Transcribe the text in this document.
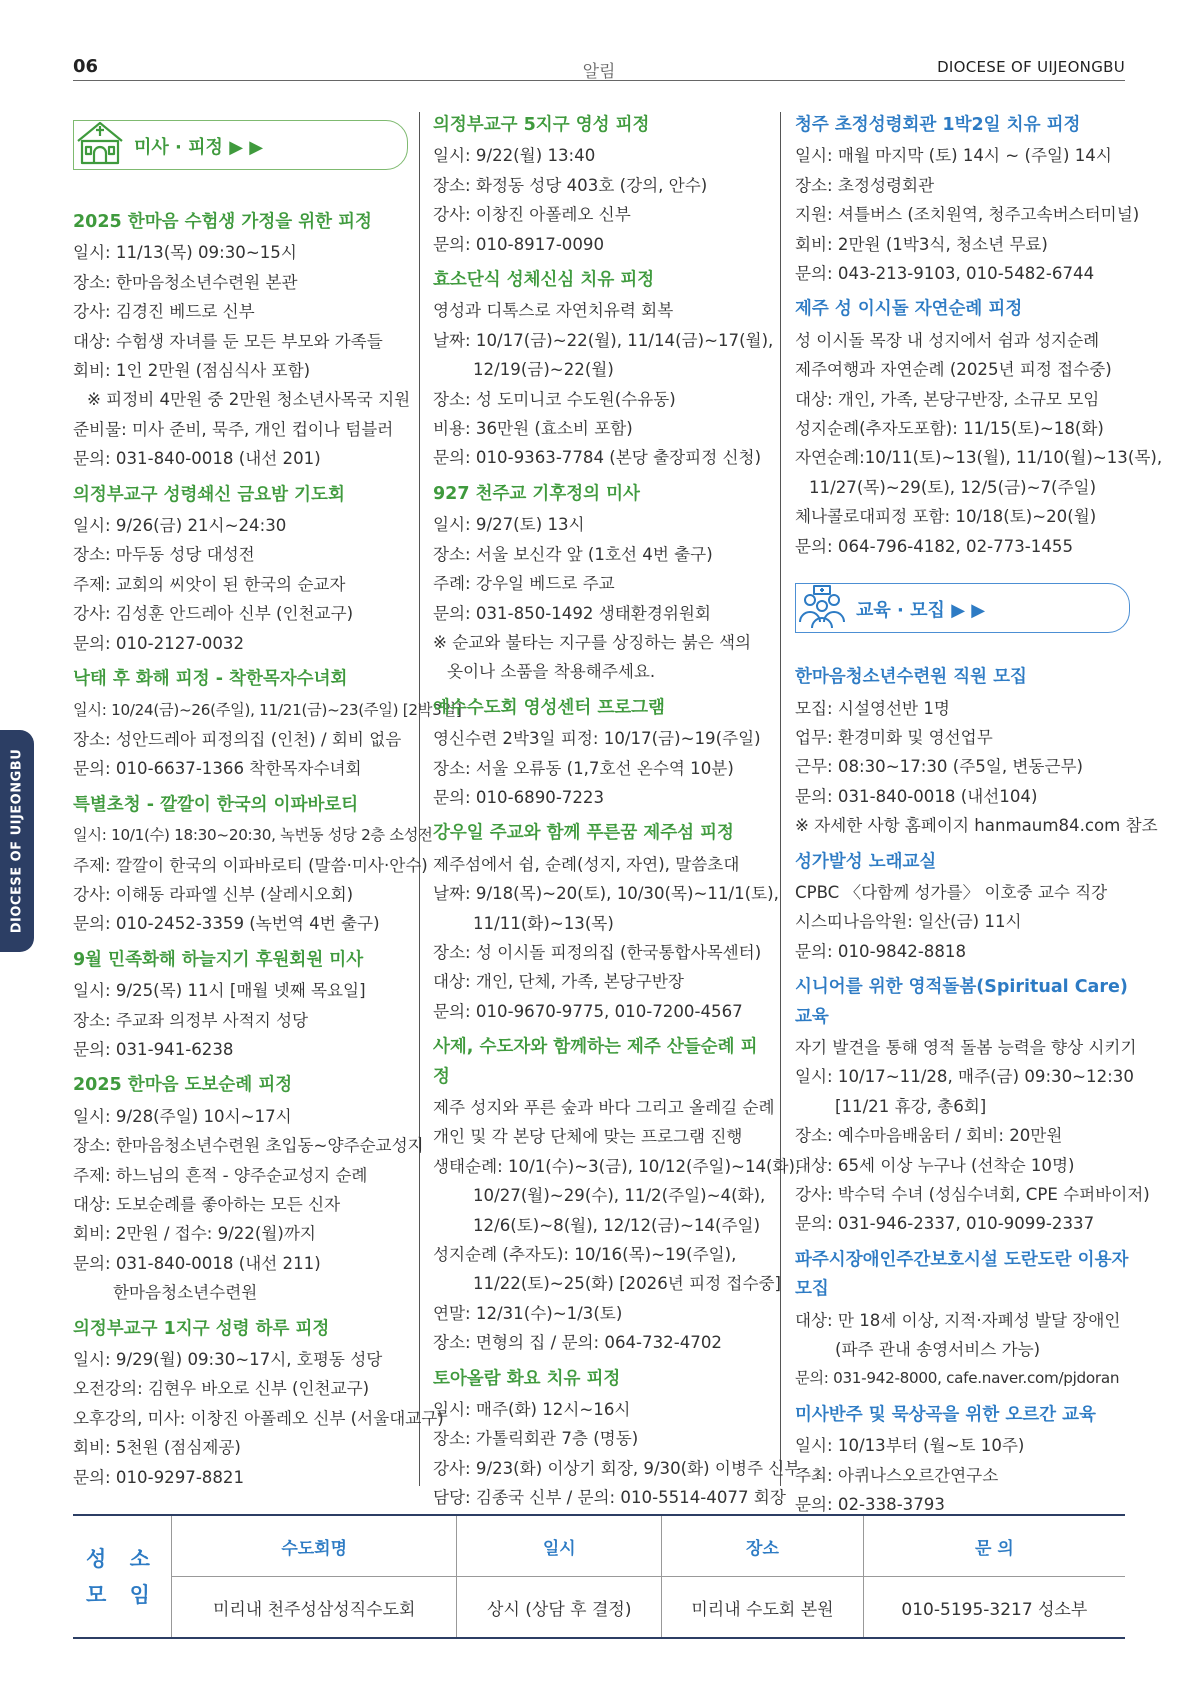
06	알림	DIOCESE OF UIJEONGBU
DIOCESE OF UIJEONGBU
미사 · 피정 ▶ ▶
2025 한마음 수험생 가정을 위한 피정
일시: 11/13(목) 09:30~15시
장소: 한마음청소년수련원 본관
강사: 김경진 베드로 신부
대상: 수험생 자녀를 둔 모든 부모와 가족들
회비: 1인 2만원 (점심식사 포함)
※ 피정비 4만원 중 2만원 청소년사목국 지원
준비물: 미사 준비, 묵주, 개인 컵이나 텀블러
문의: 031-840-0018 (내선 201)
의정부교구 성령쇄신 금요밤 기도회
일시: 9/26(금) 21시~24:30
장소: 마두동 성당 대성전
주제: 교회의 씨앗이 된 한국의 순교자
강사: 김성훈 안드레아 신부 (인천교구)
문의: 010-2127-0032
낙태 후 화해 피정 - 착한목자수녀회
일시: 10/24(금)~26(주일), 11/21(금)~23(주일) [2박3일]
장소: 성안드레아 피정의집 (인천) / 회비 없음
문의: 010-6637-1366 착한목자수녀회
특별초청 - 깔깔이 한국의 이파바로티
일시: 10/1(수) 18:30~20:30, 녹번동 성당 2층 소성전
주제: 깔깔이 한국의 이파바로티 (말씀·미사·안수)
강사: 이해동 라파엘 신부 (살레시오회)
문의: 010-2452-3359 (녹번역 4번 출구)
9월 민족화해 하늘지기 후원회원 미사
일시: 9/25(목) 11시 [매월 넷째 목요일]
장소: 주교좌 의정부 사적지 성당
문의: 031-941-6238
2025 한마음 도보순례 피정
일시: 9/28(주일) 10시~17시
장소: 한마음청소년수련원 초입동~양주순교성지
주제: 하느님의 흔적 - 양주순교성지 순례
대상: 도보순례를 좋아하는 모든 신자
회비: 2만원 / 접수: 9/22(월)까지
문의: 031-840-0018 (내선 211)
한마음청소년수련원
의정부교구 1지구 성령 하루 피정
일시: 9/29(월) 09:30~17시, 호평동 성당
오전강의: 김현우 바오로 신부 (인천교구)
오후강의, 미사: 이창진 아폴레오 신부 (서울대교구)
회비: 5천원 (점심제공)
문의: 010-9297-8821
의정부교구 5지구 영성 피정
일시: 9/22(월) 13:40
장소: 화정동 성당 403호 (강의, 안수)
강사: 이창진 아폴레오 신부
문의: 010-8917-0090
효소단식 성체신심 치유 피정
영성과 디톡스로 자연치유력 회복
날짜: 10/17(금)~22(월), 11/14(금)~17(월),
12/19(금)~22(월)
장소: 성 도미니코 수도원(수유동)
비용: 36만원 (효소비 포함)
문의: 010-9363-7784 (본당 출장피정 신청)
927 천주교 기후정의 미사
일시: 9/27(토) 13시
장소: 서울 보신각 앞 (1호선 4번 출구)
주례: 강우일 베드로 주교
문의: 031-850-1492 생태환경위원회
※ 순교와 불타는 지구를 상징하는 붉은 색의
옷이나 소품을 착용해주세요.
예수수도회 영성센터 프로그램
영신수련 2박3일 피정: 10/17(금)~19(주일)
장소: 서울 오류동 (1,7호선 온수역 10분)
문의: 010-6890-7223
강우일 주교와 함께 푸른꿈 제주섬 피정
제주섬에서 쉼, 순례(성지, 자연), 말씀초대
날짜: 9/18(목)~20(토), 10/30(목)~11/1(토),
11/11(화)~13(목)
장소: 성 이시돌 피정의집 (한국통합사목센터)
대상: 개인, 단체, 가족, 본당구반장
문의: 010-9670-9775, 010-7200-4567
사제, 수도자와 함께하는 제주 산들순례 피정
제주 성지와 푸른 숲과 바다 그리고 올레길 순례
개인 및 각 본당 단체에 맞는 프로그램 진행
생태순례: 10/1(수)~3(금), 10/12(주일)~14(화),
10/27(월)~29(수), 11/2(주일)~4(화),
12/6(토)~8(월), 12/12(금)~14(주일)
성지순례 (추자도): 10/16(목)~19(주일),
11/22(토)~25(화) [2026년 피정 접수중]
연말: 12/31(수)~1/3(토)
장소: 면형의 집 / 문의: 064-732-4702
토아올람 화요 치유 피정
일시: 매주(화) 12시~16시
장소: 가톨릭회관 7층 (명동)
강사: 9/23(화) 이상기 회장, 9/30(화) 이병주 신부
담당: 김종국 신부 / 문의: 010-5514-4077 회장
청주 초정성령회관 1박2일 치유 피정
일시: 매월 마지막 (토) 14시 ~ (주일) 14시
장소: 초정성령회관
지원: 셔틀버스 (조치원역, 청주고속버스터미널)
회비: 2만원 (1박3식, 청소년 무료)
문의: 043-213-9103, 010-5482-6744
제주 성 이시돌 자연순례 피정
성 이시돌 목장 내 성지에서 쉼과 성지순례
제주여행과 자연순례 (2025년 피정 접수중)
대상: 개인, 가족, 본당구반장, 소규모 모임
성지순례(추자도포함): 11/15(토)~18(화)
자연순례:10/11(토)~13(월), 11/10(월)~13(목),
11/27(목)~29(토), 12/5(금)~7(주일)
체나콜로대피정 포함: 10/18(토)~20(월)
문의: 064-796-4182, 02-773-1455
교육 · 모집 ▶ ▶
한마음청소년수련원 직원 모집
모집: 시설영선반 1명
업무: 환경미화 및 영선업무
근무: 08:30~17:30 (주5일, 변동근무)
문의: 031-840-0018 (내선104)
※ 자세한 사항 홈페이지 hanmaum84.com 참조
성가발성 노래교실
CPBC 〈다함께 성가를〉 이호중 교수 직강
시스띠나음악원: 일산(금) 11시
문의: 010-9842-8818
시니어를 위한 영적돌봄(Spiritual Care) 교육
자기 발견을 통해 영적 돌봄 능력을 향상 시키기
일시: 10/17~11/28, 매주(금) 09:30~12:30
[11/21 휴강, 총6회]
장소: 예수마음배움터 / 회비: 20만원
대상: 65세 이상 누구나 (선착순 10명)
강사: 박수덕 수녀 (성심수녀회, CPE 수퍼바이저)
문의: 031-946-2337, 010-9099-2337
파주시장애인주간보호시설 도란도란 이용자 모집
대상: 만 18세 이상, 지적·자폐성 발달 장애인
(파주 관내 송영서비스 가능)
문의: 031-942-8000, cafe.naver.com/pjdoran
미사반주 및 묵상곡을 위한 오르간 교육
일시: 10/13부터 (월~토 10주)
주최: 아퀴나스오르간연구소
문의: 02-338-3793
성 소
모 임	수도회명	일시	장소	문 의
	미리내 천주성삼성직수도회	상시 (상담 후 결정)	미리내 수도회 본원	010-5195-3217 성소부
